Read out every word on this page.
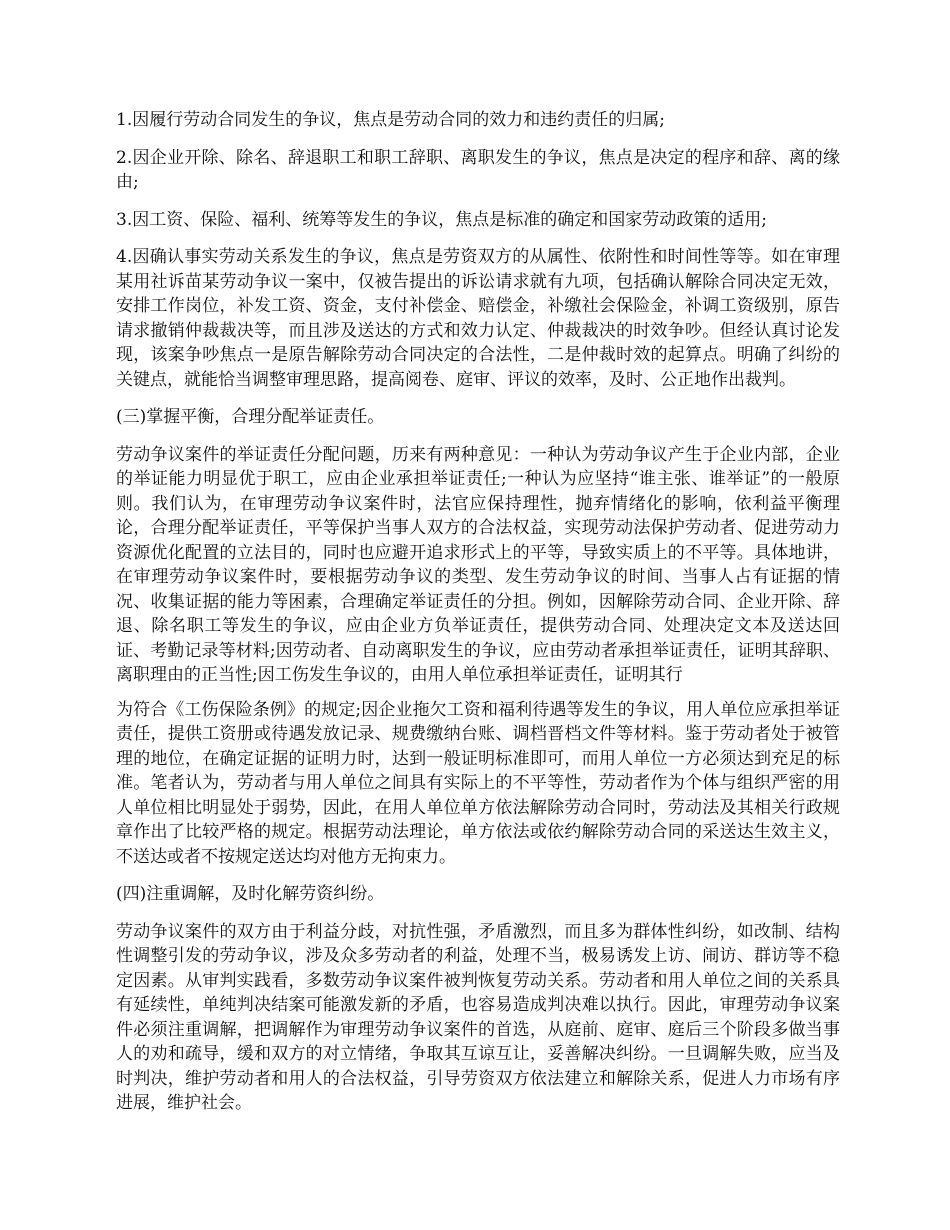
1.因履行劳动合同发生的争议，焦点是劳动合同的效力和违约责任的归属;

2.因企业开除、除名、辞退职工和职工辞职、离职发生的争议，焦点是决定的程序和辞、离的缘由;

3.因工资、保险、福利、统筹等发生的争议，焦点是标准的确定和国家劳动政策的适用;

4.因确认事实劳动关系发生的争议，焦点是劳资双方的从属性、依附性和时间性等等。如在审理某用社诉苗某劳动争议一案中，仅被告提出的诉讼请求就有九项，包括确认解除合同决定无效，安排工作岗位，补发工资、资金，支付补偿金、赔偿金，补缴社会保险金，补调工资级别，原告请求撤销仲裁裁决等，而且涉及送达的方式和效力认定、仲裁裁决的时效争吵。但经认真讨论发现，该案争吵焦点一是原告解除劳动合同决定的合法性，二是仲裁时效的起算点。明确了纠纷的关键点，就能恰当调整审理思路，提高阅卷、庭审、评议的效率，及时、公正地作出裁判。

(三)掌握平衡，合理分配举证责任。

劳动争议案件的举证责任分配问题，历来有两种意见：一种认为劳动争议产生于企业内部，企业的举证能力明显优于职工，应由企业承担举证责任;一种认为应坚持“谁主张、谁举证”的一般原则。我们认为，在审理劳动争议案件时，法官应保持理性，抛弃情绪化的影响，依利益平衡理论，合理分配举证责任，平等保护当事人双方的合法权益，实现劳动法保护劳动者、促进劳动力资源优化配置的立法目的，同时也应避开追求形式上的平等，导致实质上的不平等。具体地讲，在审理劳动争议案件时，要根据劳动争议的类型、发生劳动争议的时间、当事人占有证据的情况、收集证据的能力等困素，合理确定举证责任的分担。例如，因解除劳动合同、企业开除、辞退、除名职工等发生的争议，应由企业方负举证责任，提供劳动合同、处理决定文本及送达回证、考勤记录等材料;因劳动者、自动离职发生的争议，应由劳动者承担举证责任，证明其辞职、离职理由的正当性;因工伤发生争议的，由用人单位承担举证责任，证明其行

为符合《工伤保险条例》的规定;因企业拖欠工资和福利待遇等发生的争议，用人单位应承担举证责任，提供工资册或待遇发放记录、规费缴纳台账、调档晋档文件等材料。鉴于劳动者处于被管理的地位，在确定证据的证明力时，达到一般证明标准即可，而用人单位一方必须达到充足的标准。笔者认为，劳动者与用人单位之间具有实际上的不平等性，劳动者作为个体与组织严密的用人单位相比明显处于弱势，因此，在用人单位单方依法解除劳动合同时，劳动法及其相关行政规章作出了比较严格的规定。根据劳动法理论，单方依法或依约解除劳动合同的采送达生效主义，不送达或者不按规定送达均对他方无拘束力。

(四)注重调解，及时化解劳资纠纷。

劳动争议案件的双方由于利益分歧，对抗性强，矛盾激烈，而且多为群体性纠纷，如改制、结构性调整引发的劳动争议，涉及众多劳动者的利益，处理不当，极易诱发上访、闹访、群访等不稳定因素。从审判实践看，多数劳动争议案件被判恢复劳动关系。劳动者和用人单位之间的关系具有延续性，单纯判决结案可能激发新的矛盾，也容易造成判决难以执行。因此，审理劳动争议案件必须注重调解，把调解作为审理劳动争议案件的首选，从庭前、庭审、庭后三个阶段多做当事人的劝和疏导，缓和双方的对立情绪，争取其互谅互让，妥善解决纠纷。一旦调解失败，应当及时判决，维护劳动者和用人的合法权益，引导劳资双方依法建立和解除关系，促进人力市场有序进展，维护社会。
